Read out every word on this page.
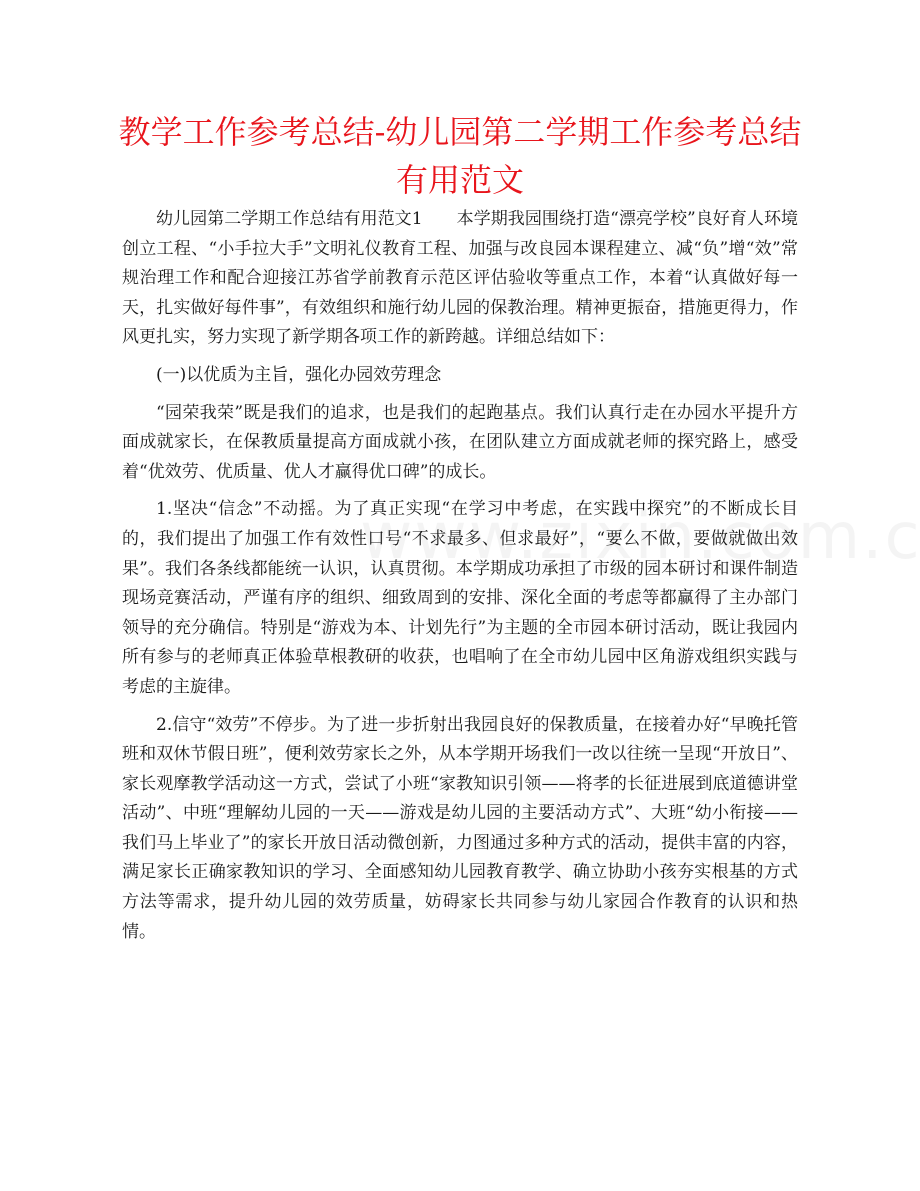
教学工作参考总结-幼儿园第二学期工作参考总结有用范文

幼儿园第二学期工作总结有用范文1　　本学期我园围绕打造“漂亮学校”良好育人环境创立工程、“小手拉大手”文明礼仪教育工程、加强与改良园本课程建立、减“负”增“效”常规治理工作和配合迎接江苏省学前教育示范区评估验收等重点工作，本着“认真做好每一天，扎实做好每件事”，有效组织和施行幼儿园的保教治理。精神更振奋，措施更得力，作风更扎实，努力实现了新学期各项工作的新跨越。详细总结如下：

(一)以优质为主旨，强化办园效劳理念

“园荣我荣”既是我们的追求，也是我们的起跑基点。我们认真行走在办园水平提升方面成就家长，在保教质量提高方面成就小孩，在团队建立方面成就老师的探究路上，感受着“优效劳、优质量、优人才赢得优口碑”的成长。

1.坚决“信念”不动摇。为了真正实现“在学习中考虑，在实践中探究”的不断成长目的，我们提出了加强工作有效性口号“不求最多、但求最好”，“要么不做，要做就做出效果”。我们各条线都能统一认识，认真贯彻。本学期成功承担了市级的园本研讨和课件制造现场竞赛活动，严谨有序的组织、细致周到的安排、深化全面的考虑等都赢得了主办部门领导的充分确信。特别是“游戏为本、计划先行”为主题的全市园本研讨活动，既让我园内所有参与的老师真正体验草根教研的收获，也唱响了在全市幼儿园中区角游戏组织实践与考虑的主旋律。

2.信守“效劳”不停步。为了进一步折射出我园良好的保教质量，在接着办好“早晚托管班和双休节假日班”，便利效劳家长之外，从本学期开场我们一改以往统一呈现“开放日”、家长观摩教学活动这一方式，尝试了小班“家教知识引领——将孝的长征进展到底道德讲堂活动”、中班“理解幼儿园的一天——游戏是幼儿园的主要活动方式”、大班“幼小衔接——我们马上毕业了”的家长开放日活动微创新，力图通过多种方式的活动，提供丰富的内容，满足家长正确家教知识的学习、全面感知幼儿园教育教学、确立协助小孩夯实根基的方式方法等需求，提升幼儿园的效劳质量，妨碍家长共同参与幼儿家园合作教育的认识和热情。
